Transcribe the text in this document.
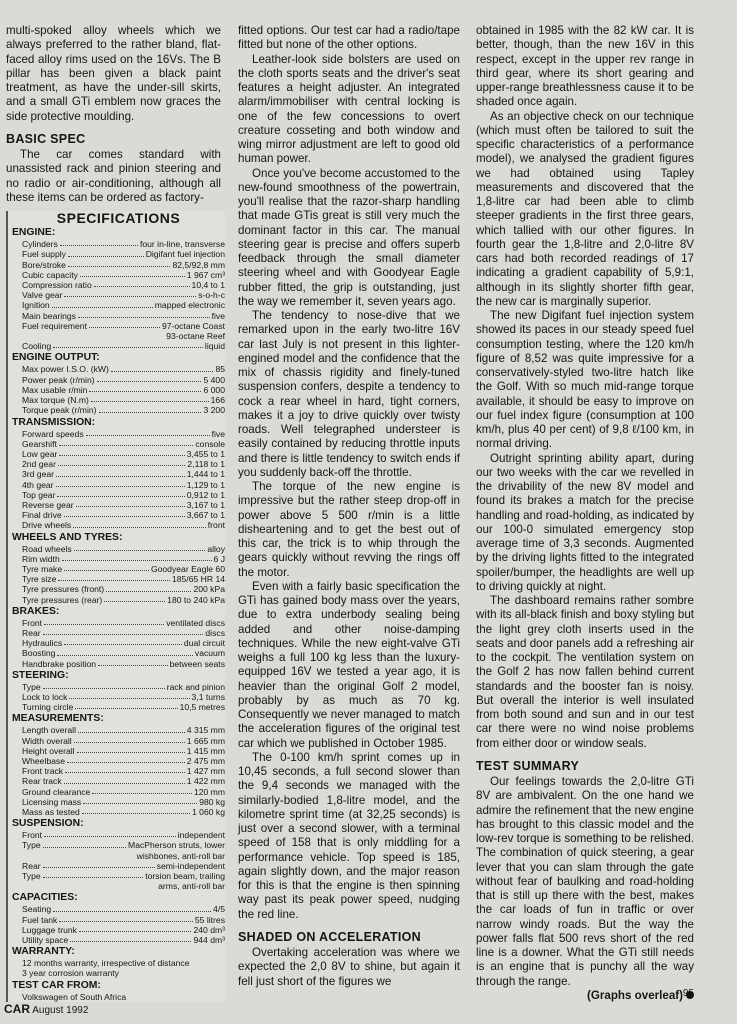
multi-spoked alloy wheels which we always preferred to the rather bland, flat-faced alloy rims used on the 16Vs. The B pillar has been given a black paint treatment, as have the under-sill skirts, and a small GTi emblem now graces the side protective moulding.

BASIC SPEC

The car comes standard with unassisted rack and pinion steering and no radio or air-conditioning, although all these items can be ordered as factory-

SPECIFICATIONS
ENGINE:
Cylinders	four in-line, transverse
Fuel supply	Digifant fuel injection
Bore/stroke	82,5/92,8 mm
Cubic capacity	1 967 cm³
Compression ratio	10,4 to 1
Valve gear	s-o-h-c
Ignition	mapped electronic
Main bearings	five
Fuel requirement	97-octane Coast
93-octane Reef
Cooling	liquid
ENGINE OUTPUT:
Max power I.S.O. (kW)	85
Power peak (r/min)	5 400
Max usable r/min	6 000
Max torque (N.m)	166
Torque peak (r/min)	3 200
TRANSMISSION:
Forward speeds	five
Gearshift	console
Low gear	3,455 to 1
2nd gear	2,118 to 1
3rd gear	1,444 to 1
4th gear	1,129 to 1
Top gear	0,912 to 1
Reverse gear	3,167 to 1
Final drive	3,667 to 1
Drive wheels	front
WHEELS AND TYRES:
Road wheels	alloy
Rim width	6 J
Tyre make	Goodyear Eagle 60
Tyre size	185/65 HR 14
Tyre pressures (front)	200 kPa
Tyre pressures (rear)	180 to 240 kPa
BRAKES:
Front	ventilated discs
Rear	discs
Hydraulics	dual circuit
Boosting	vacuum
Handbrake position	between seats
STEERING:
Type	rack and pinion
Lock to lock	3,1 turns
Turning circle	10,5 metres
MEASUREMENTS:
Length overall	4 315 mm
Width overall	1 665 mm
Height overall	1 415 mm
Wheelbase	2 475 mm
Front track	1 427 mm
Rear track	1 422 mm
Ground clearance	120 mm
Licensing mass	980 kg
Mass as tested	1 060 kg
SUSPENSION:
Front	independent
Type	MacPherson struts, lower
wishbones, anti-roll bar
Rear	semi-independent
Type	torsion beam, trailing
arms, anti-roll bar
CAPACITIES:
Seating	4/5
Fuel tank	55 litres
Luggage trunk	240 dm³
Utility space	944 dm³
WARRANTY:
12 months warranty, irrespective of distance
3 year corrosion warranty
TEST CAR FROM:
Volkswagen of South Africa

fitted options. Our test car had a radio/tape fitted but none of the other options.

Leather-look side bolsters are used on the cloth sports seats and the driver's seat features a height adjuster. An integrated alarm/immobiliser with central locking is one of the few concessions to overt creature cosseting and both window and wing mirror adjustment are left to good old human power.

Once you've become accustomed to the new-found smoothness of the powertrain, you'll realise that the razor-sharp handling that made GTis great is still very much the dominant factor in this car. The manual steering gear is precise and offers superb feedback through the small diameter steering wheel and with Goodyear Eagle rubber fitted, the grip is outstanding, just the way we remember it, seven years ago.

The tendency to nose-dive that we remarked upon in the early two-litre 16V car last July is not present in this lighter-engined model and the confidence that the mix of chassis rigidity and finely-tuned suspension confers, despite a tendency to cock a rear wheel in hard, tight corners, makes it a joy to drive quickly over twisty roads. Well telegraphed understeer is easily contained by reducing throttle inputs and there is little tendency to switch ends if you suddenly back-off the throttle.

The torque of the new engine is impressive but the rather steep drop-off in power above 5 500 r/min is a little disheartening and to get the best out of this car, the trick is to whip through the gears quickly without revving the rings off the motor.

Even with a fairly basic specification the GTi has gained body mass over the years, due to extra underbody sealing being added and other noise-damping techniques. While the new eight-valve GTi weighs a full 100 kg less than the luxury-equipped 16V we tested a year ago, it is heavier than the original Golf 2 model, probably by as much as 70 kg. Consequently we never managed to match the acceleration figures of the original test car which we published in October 1985.

The 0-100 km/h sprint comes up in 10,45 seconds, a full second slower than the 9,4 seconds we managed with the similarly-bodied 1,8-litre model, and the kilometre sprint time (at 32,25 seconds) is just over a second slower, with a terminal speed of 158 that is only middling for a performance vehicle. Top speed is 185, again slightly down, and the major reason for this is that the engine is then spinning way past its peak power speed, nudging the red line.

SHADED ON ACCELERATION

Overtaking acceleration was where we expected the 2,0 8V to shine, but again it fell just short of the figures we

obtained in 1985 with the 82 kW car. It is better, though, than the new 16V in this respect, except in the upper rev range in third gear, where its short gearing and upper-range breathlessness cause it to be shaded once again.

As an objective check on our technique (which must often be tailored to suit the specific characteristics of a performance model), we analysed the gradient figures we had obtained using Tapley measurements and discovered that the 1,8-litre car had been able to climb steeper gradients in the first three gears, which tallied with our other figures. In fourth gear the 1,8-litre and 2,0-litre 8V cars had both recorded readings of 17 indicating a gradient capability of 5,9:1, although in its slightly shorter fifth gear, the new car is marginally superior.

The new Digifant fuel injection system showed its paces in our steady speed fuel consumption testing, where the 120 km/h figure of 8,52 was quite impressive for a conservatively-styled two-litre hatch like the Golf. With so much mid-range torque available, it should be easy to improve on our fuel index figure (consumption at 100 km/h, plus 40 per cent) of 9,8 ℓ/100 km, in normal driving.

Outright sprinting ability apart, during our two weeks with the car we revelled in the drivability of the new 8V model and found its brakes a match for the precise handling and road-holding, as indicated by our 100-0 simulated emergency stop average time of 3,3 seconds. Augmented by the driving lights fitted to the integrated spoiler/bumper, the headlights are well up to driving quickly at night.

The dashboard remains rather sombre with its all-black finish and boxy styling but the light grey cloth inserts used in the seats and door panels add a refreshing air to the cockpit. The ventilation system on the Golf 2 has now fallen behind current standards and the booster fan is noisy. But overall the interior is well insulated from both sound and sun and in our test car there were no wind noise problems from either door or window seals.

TEST SUMMARY

Our feelings towards the 2,0-litre GTi 8V are ambivalent. On the one hand we admire the refinement that the new engine has brought to this classic model and the low-rev torque is something to be relished. The combination of quick steering, a gear lever that you can slam through the gate without fear of baulking and road-holding that is still up there with the best, makes the car loads of fun in traffic or over narrow windy roads. But the way the power falls flat 500 revs short of the red line is a downer. What the GTi still needs is an engine that is punchy all the way through the range.

(Graphs overleaf)
CAR August 1992
95
